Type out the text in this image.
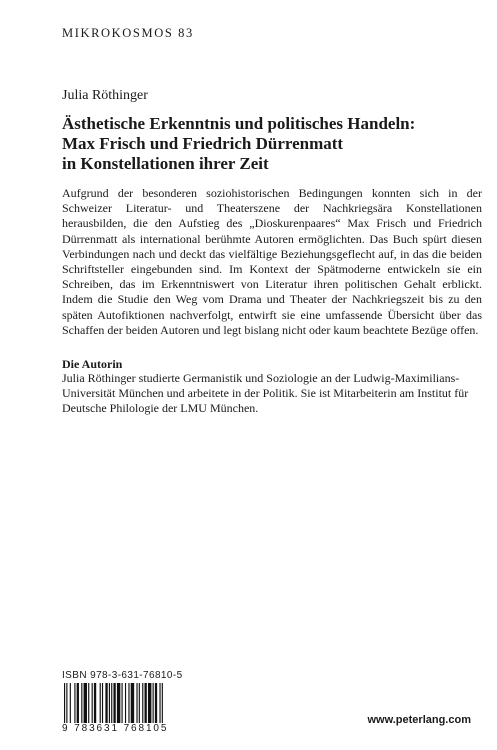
MIKROKOSMOS 83
Julia Röthinger
Ästhetische Erkenntnis und politisches Handeln:
Max Frisch und Friedrich Dürrenmatt
in Konstellationen ihrer Zeit

Aufgrund der besonderen soziohistorischen Bedingungen konnten sich in der Schweizer Literatur- und Theaterszene der Nachkriegsära Konstellationen herausbilden, die den Aufstieg des „Dioskurenpaares“ Max Frisch und Friedrich Dürrenmatt als international berühmte Autoren ermöglichten. Das Buch spürt diesen Verbindungen nach und deckt das vielfältige Beziehungsgeflecht auf, in das die beiden Schriftsteller eingebunden sind. Im Kontext der Spätmoderne entwickeln sie ein Schreiben, das im Erkenntniswert von Literatur ihren politischen Gehalt erblickt. Indem die Studie den Weg vom Drama und Theater der Nachkriegszeit bis zu den späten Autofiktionen nachverfolgt, entwirft sie eine umfassende Übersicht über das Schaffen der beiden Autoren und legt bislang nicht oder kaum beachtete Bezüge offen.

Die Autorin

Julia Röthinger studierte Germanistik und Soziologie an der Ludwig-Maximilians-Universität München und arbeitete in der Politik. Sie ist Mitarbeiterin am Institut für Deutsche Philologie der LMU München.

ISBN 978-3-631-76810-5
9 783631 768105
www.peterlang.com
